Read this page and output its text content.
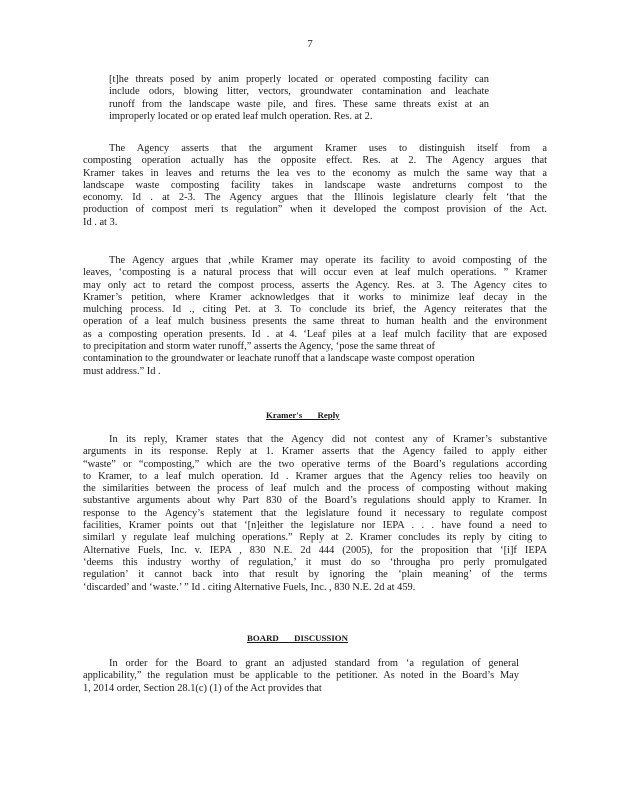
7
[t]he threats posed by anim properly located or operated composting facility can
include odors, blowing litter, vectors, groundwater contamination and leachate
runoff from the landscape waste pile, and fires. These same threats exist at an
improperly located or op erated leaf mulch operation. Res. at 2.
The Agency asserts that the argument Kramer uses to distinguish itself from a
composting operation actually has the opposite effect. Res. at 2. The Agency argues that
Kramer takes in leaves and returns the lea ves to the economy as mulch the same way that a
landscape waste composting facility takes in landscape waste andreturns compost to the
economy. Id . at 2-3. The Agency argues that the Illinois legislature clearly felt ‘that the
production of compost meri ts regulation” when it developed the compost provision of the Act.
Id . at 3.
The Agency argues that ,while Kramer may operate its facility to avoid composting of the
leaves, ‘composting is a natural process that will occur even at leaf mulch operations. ” Kramer
may only act to retard the compost process, asserts the Agency. Res. at 3. The Agency cites to
Kramer’s petition, where Kramer acknowledges that it works to minimize leaf decay in the
mulching process. Id ., citing Pet. at 3. To conclude its brief, the Agency reiterates that the
operation of a leaf mulch business presents the same threat to human health and the environment
as a composting operation presents. Id . at 4. ‘Leaf piles at a leaf mulch facility that are exposed
to precipitation and storm water runoff,” asserts the Agency, ‘pose the same threat of
contamination to the groundwater or leachate runoff that a landscape waste compost operation
must address.” Id .
Kramer's       Reply
In its reply, Kramer states that the Agency did not contest any of Kramer’s substantive
arguments in its response. Reply at 1. Kramer asserts that the Agency failed to apply either
“waste” or “composting,” which are the two operative terms of the Board’s regulations according
to Kramer, to a leaf mulch operation. Id . Kramer argues that the Agency relies too heavily on
the similarities between the process of leaf mulch and the process of composting without making
substantive arguments about why Part 830 of the Board’s regulations should apply to Kramer. In
response to the Agency’s statement that the legislature found it necessary to regulate compost
facilities, Kramer points out that ‘[n]either the legislature nor IEPA . . . have found a need to
similarl y regulate leaf mulching operations.” Reply at 2. Kramer concludes its reply by citing to
Alternative Fuels, Inc. v. IEPA , 830 N.E. 2d 444 (2005), for the proposition that ‘[i]f IEPA
‘deems this industry worthy of regulation,’ it must do so ‘througha pro perly promulgated
regulation’ it cannot back into that result by ignoring the ‘plain meaning’ of the terms
‘discarded’ and ‘waste.’ ” Id . citing Alternative Fuels, Inc. , 830 N.E. 2d at 459.
BOARD       DISCUSSION
In order for the Board to grant an adjusted standard from ‘a regulation of general
applicability,” the regulation must be applicable to the petitioner. As noted in the Board’s May
1, 2014 order, Section 28.1(c) (1) of the Act provides that
